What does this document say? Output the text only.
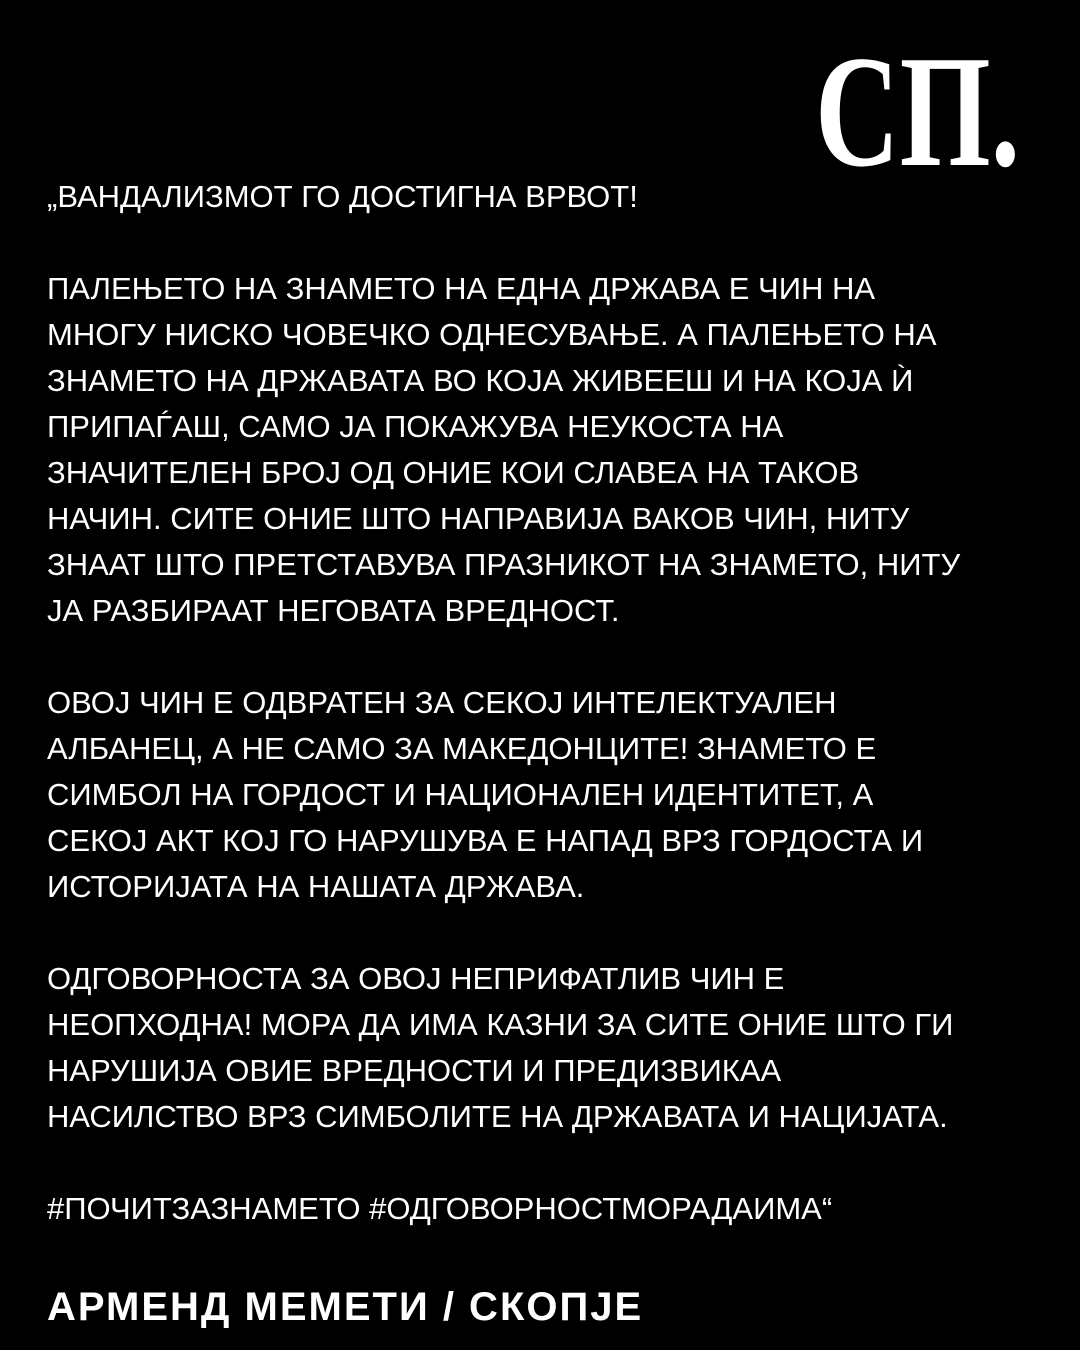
СП.
„ВАНДАЛИЗМОТ ГО ДОСТИГНА ВРВОТ!
ПАЛЕЊЕТО НА ЗНАМЕТО НА ЕДНА ДРЖАВА Е ЧИН НА
МНОГУ НИСКО ЧОВЕЧКО ОДНЕСУВАЊЕ. А ПАЛЕЊЕТО НА
ЗНАМЕТО НА ДРЖАВАТА ВО КОЈА ЖИВЕЕШ И НА КОЈА Ѝ
ПРИПАЃАШ, САМО ЈА ПОКАЖУВА НЕУКОСТА НА
ЗНАЧИТЕЛЕН БРОЈ ОД ОНИЕ КОИ СЛАВЕА НА ТАКОВ
НАЧИН. СИТЕ ОНИЕ ШТО НАПРАВИЈА ВАКОВ ЧИН, НИТУ
ЗНААТ ШТО ПРЕТСТАВУВА ПРАЗНИКОТ НА ЗНАМЕТО, НИТУ
ЈА РАЗБИРААТ НЕГОВАТА ВРЕДНОСТ.
ОВОЈ ЧИН Е ОДВРАТЕН ЗА СЕКОЈ ИНТЕЛЕКТУАЛЕН
АЛБАНЕЦ, А НЕ САМО ЗА МАКЕДОНЦИТЕ! ЗНАМЕТО Е
СИМБОЛ НА ГОРДОСТ И НАЦИОНАЛЕН ИДЕНТИТЕТ, А
СЕКОЈ АКТ КОЈ ГО НАРУШУВА Е НАПАД ВРЗ ГОРДОСТА И
ИСТОРИЈАТА НА НАШАТА ДРЖАВА.
ОДГОВОРНОСТА ЗА ОВОЈ НЕПРИФАТЛИВ ЧИН Е
НЕОПХОДНА! МОРА ДА ИМА КАЗНИ ЗА СИТЕ ОНИЕ ШТО ГИ
НАРУШИЈА ОВИЕ ВРЕДНОСТИ И ПРЕДИЗВИКАА
НАСИЛСТВО ВРЗ СИМБОЛИТЕ НА ДРЖАВАТА И НАЦИЈАТА.
#ПОЧИТЗАЗНАМЕТО #ОДГОВОРНОСТМОРАДАИМА“
АРМЕНД МЕМЕТИ / СКОПЈЕ
